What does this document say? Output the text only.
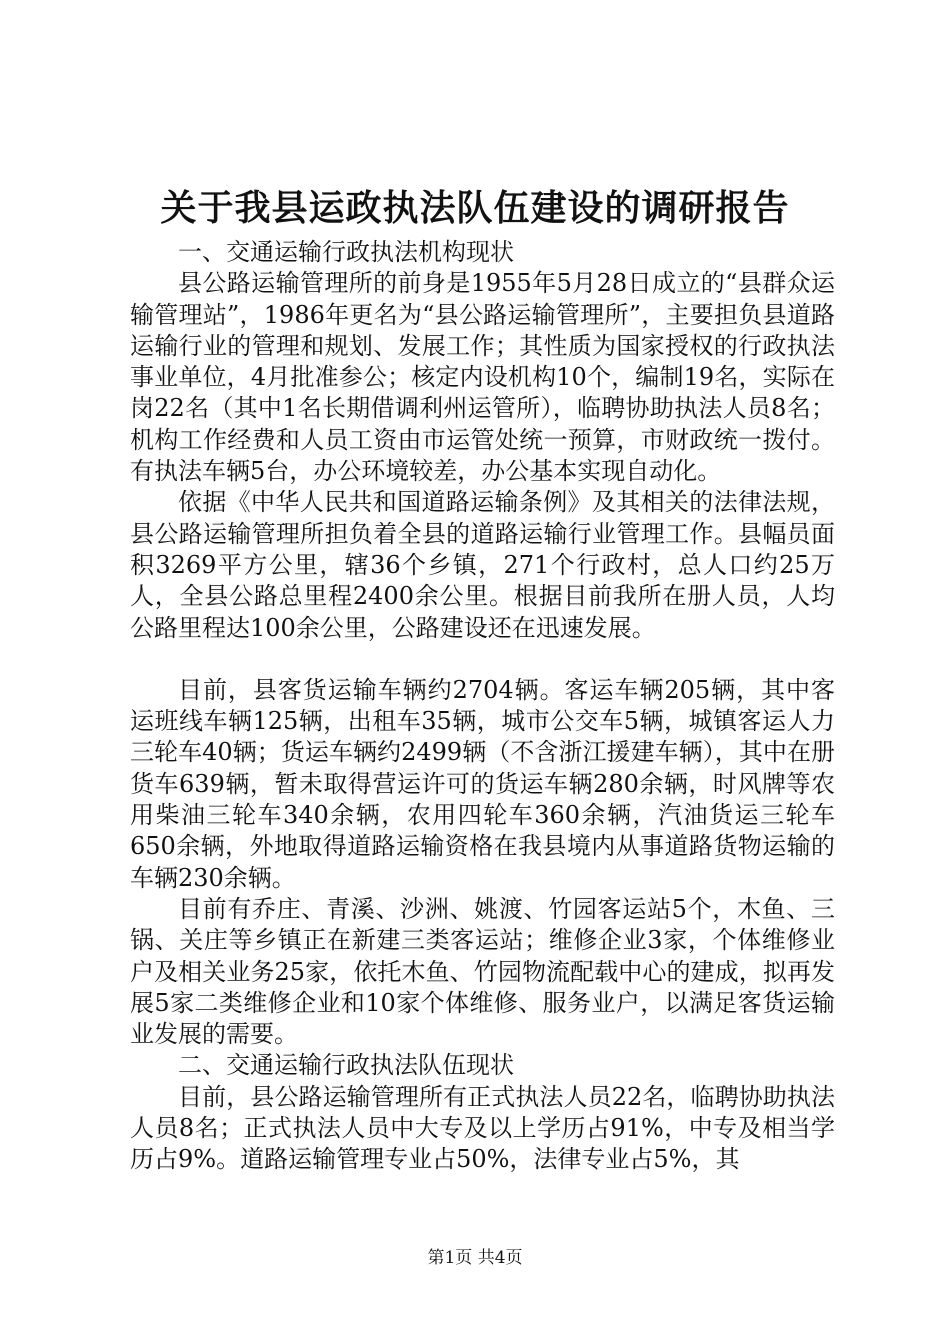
关于我县运政执法队伍建设的调研报告

一、交通运输行政执法机构现状

县公路运输管理所的前身是1955年5月28日成立的“县群众运输管理站”，1986年更名为“县公路运输管理所”，主要担负县道路运输行业的管理和规划、发展工作；其性质为国家授权的行政执法事业单位，4月批准参公；核定内设机构10个，编制19名，实际在岗22名（其中1名长期借调利州运管所），临聘协助执法人员8名；机构工作经费和人员工资由市运管处统一预算，市财政统一拨付。有执法车辆5台，办公环境较差，办公基本实现自动化。

依据《中华人民共和国道路运输条例》及其相关的法律法规，县公路运输管理所担负着全县的道路运输行业管理工作。县幅员面积3269平方公里，辖36个乡镇，271个行政村，总人口约25万人，全县公路总里程2400余公里。根据目前我所在册人员，人均公路里程达100余公里，公路建设还在迅速发展。

目前，县客货运输车辆约2704辆。客运车辆205辆，其中客运班线车辆125辆，出租车35辆，城市公交车5辆，城镇客运人力三轮车40辆；货运车辆约2499辆（不含浙江援建车辆），其中在册货车639辆，暂未取得营运许可的货运车辆280余辆，时风牌等农用柴油三轮车340余辆，农用四轮车360余辆，汽油货运三轮车650余辆，外地取得道路运输资格在我县境内从事道路货物运输的车辆230余辆。

目前有乔庄、青溪、沙洲、姚渡、竹园客运站5个，木鱼、三锅、关庄等乡镇正在新建三类客运站；维修企业3家，个体维修业户及相关业务25家，依托木鱼、竹园物流配载中心的建成，拟再发展5家二类维修企业和10家个体维修、服务业户，以满足客货运输业发展的需要。

二、交通运输行政执法队伍现状

目前，县公路运输管理所有正式执法人员22名，临聘协助执法人员8名；正式执法人员中大专及以上学历占91%，中专及相当学历占9%。道路运输管理专业占50%，法律专业占5%，其

第1页 共4页
